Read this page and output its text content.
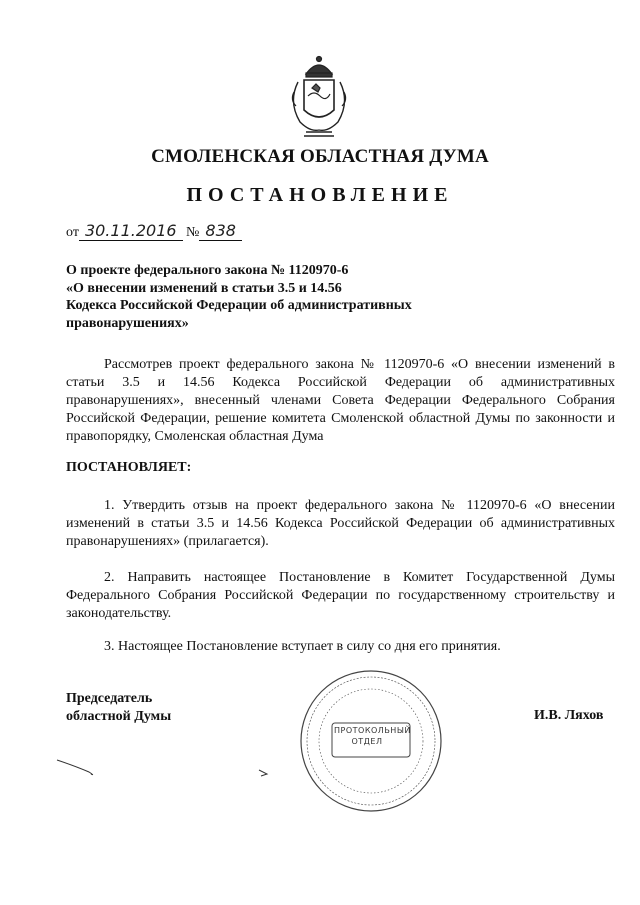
СМОЛЕНСКАЯ ОБЛАСТНАЯ ДУМА
ПОСТАНОВЛЕНИЕ
от 30.11.2016 № 838
О проекте федерального закона № 1120970-6
«О внесении изменений в статьи 3.5 и 14.56
Кодекса Российской Федерации об административных
правонарушениях»
Рассмотрев проект федерального закона № 1120970-6 «О внесении изменений в статьи 3.5 и 14.56 Кодекса Российской Федерации об административных правонарушениях», внесенный членами Совета Федерации Федерального Собрания Российской Федерации, решение комитета Смоленской областной Думы по законности и правопорядку, Смоленская областная Дума
ПОСТАНОВЛЯЕТ:
1. Утвердить отзыв на проект федерального закона № 1120970-6 «О внесении изменений в статьи 3.5 и 14.56 Кодекса Российской Федерации об административных правонарушениях» (прилагается).
2. Направить настоящее Постановление в Комитет Государственной Думы Федерального Собрания Российской Федерации по государственному строительству и законодательству.
3. Настоящее Постановление вступает в силу со дня его принятия.
Председатель
областной Думы	И.В. Ляхов
ПРОТОКОЛЬНЫЙ
ОТДЕЛ
